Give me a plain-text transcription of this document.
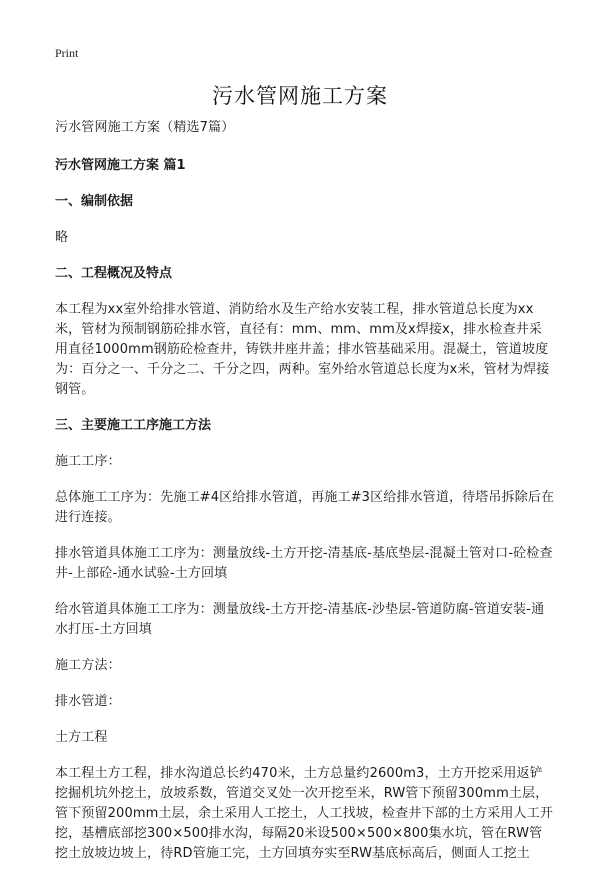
Print
污水管网施工方案

污水管网施工方案（精选7篇）

污水管网施工方案 篇1

一、编制依据

略

二、工程概况及特点

本工程为xx室外给排水管道、消防给水及生产给水安装工程，排水管道总长度为xx米，管材为预制钢筋砼排水管，直径有：mm、mm、mm及x焊接x，排水检查井采用直径1000mm钢筋砼检查井，铸铁井座井盖；排水管基础采用。混凝土，管道坡度为：百分之一、千分之二、千分之四，两种。室外给水管道总长度为x米，管材为焊接钢管。

三、主要施工工序施工方法

施工工序：

总体施工工序为：先施工#4区给排水管道，再施工#3区给排水管道，待塔吊拆除后在进行连接。

排水管道具体施工工序为：测量放线-土方开挖-清基底-基底垫层-混凝土管对口-砼检查井-上部砼-通水试验-土方回填

给水管道具体施工工序为：测量放线-土方开挖-清基底-沙垫层-管道防腐-管道安装-通水打压-土方回填

施工方法：

排水管道：

土方工程

本工程土方工程，排水沟道总长约470米，土方总量约2600m3，土方开挖采用返铲挖掘机坑外挖土，放坡系数，管道交叉处一次开挖至米，RW管下预留300mm土层，管下预留200mm土层，余土采用人工挖土，人工找坡，检查井下部的土方采用人工开挖，基槽底部挖300×500排水沟，每隔20米设500×500×800集水坑，管在RW管挖土放坡边坡上，待RD管施工完，土方回填夯实至RW基底标高后，侧面人工挖土
